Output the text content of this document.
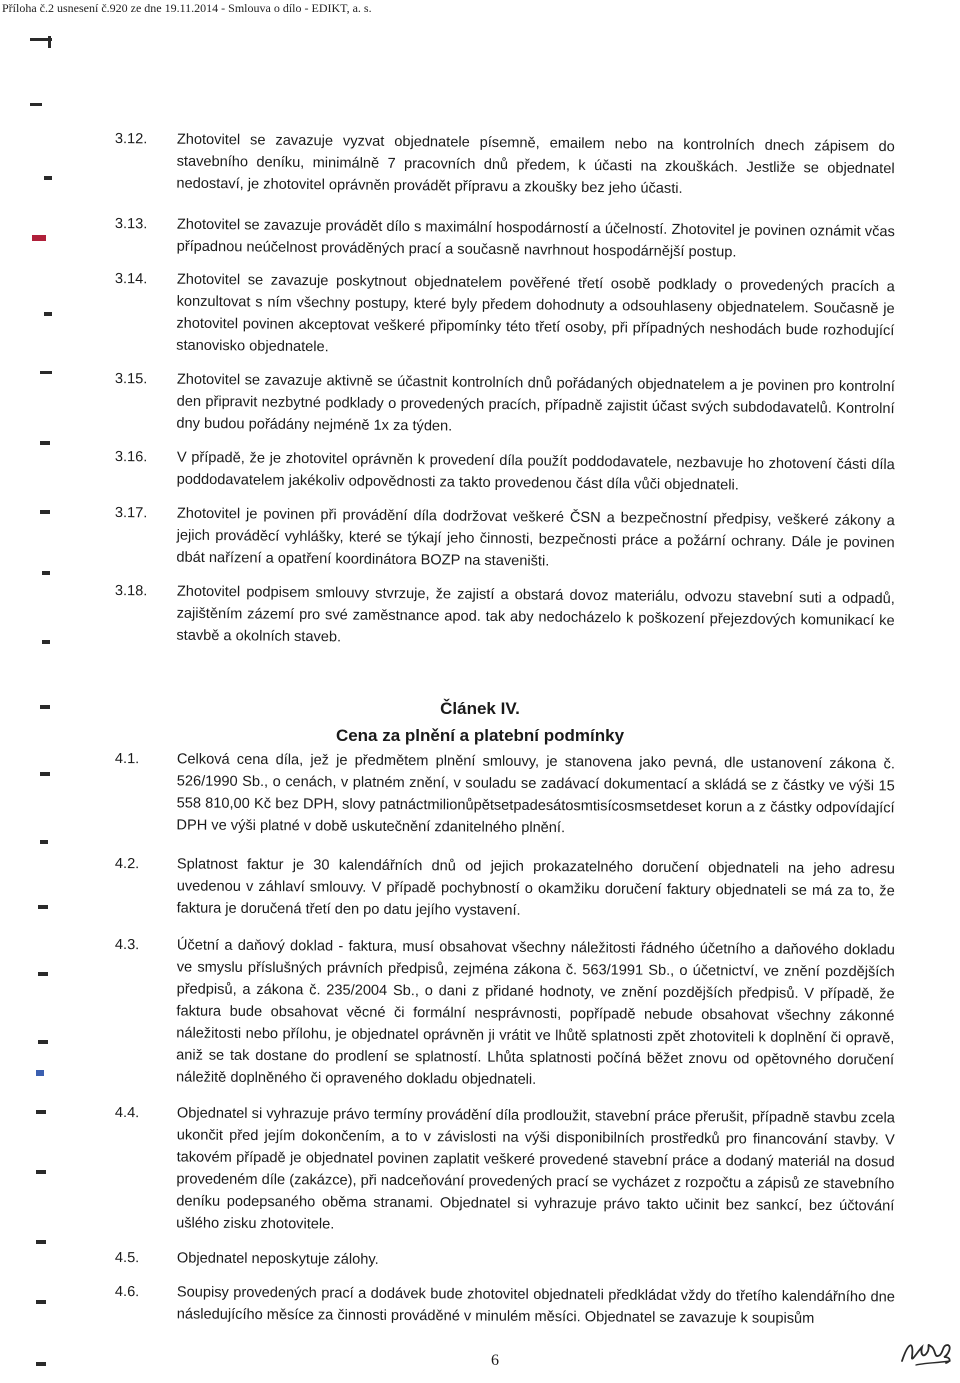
Příloha č.2 usnesení č.920 ze dne 19.11.2014 - Smlouva o dílo - EDIKT, a. s.
3.12.	Zhotovitel se zavazuje vyzvat objednatele písemně, emailem nebo na kontrolních dnech zápisem do stavebního deníku, minimálně 7 pracovních dnů předem, k účasti na zkouškách. Jestliže se objednatel nedostaví, je zhotovitel oprávněn provádět přípravu a zkoušky bez jeho účasti.
3.13.	Zhotovitel se zavazuje provádět dílo s maximální hospodárností a účelností. Zhotovitel je povinen oznámit včas případnou neúčelnost prováděných prací a současně navrhnout hospodárnější postup.
3.14.	Zhotovitel se zavazuje poskytnout objednatelem pověřené třetí osobě podklady o provedených pracích a konzultovat s ním všechny postupy, které byly předem dohodnuty a odsouhlaseny objednatelem. Současně je zhotovitel povinen akceptovat veškeré připomínky této třetí osoby, při případných neshodách bude rozhodující stanovisko objednatele.
3.15.	Zhotovitel se zavazuje aktivně se účastnit kontrolních dnů pořádaných objednatelem a je povinen pro kontrolní den připravit nezbytné podklady o provedených pracích, případně zajistit účast svých subdodavatelů. Kontrolní dny budou pořádány nejméně 1x za týden.
3.16.	V případě, že je zhotovitel oprávněn k provedení díla použít poddodavatele, nezbavuje ho zhotovení části díla poddodavatelem jakékoliv odpovědnosti za takto provedenou část díla vůči objednateli.
3.17.	Zhotovitel je povinen při provádění díla dodržovat veškeré ČSN a bezpečnostní předpisy, veškeré zákony a jejich prováděcí vyhlášky, které se týkají jeho činnosti, bezpečnosti práce a požární ochrany. Dále je povinen dbát nařízení a opatření koordinátora BOZP na staveništi.
3.18.	Zhotovitel podpisem smlouvy stvrzuje, že zajistí a obstará dovoz materiálu, odvozu stavební suti a odpadů, zajištěním zázemí pro své zaměstnance apod. tak aby nedocházelo k poškození přejezdových komunikací ke stavbě a okolních staveb.
Článek IV.
Cena za plnění a platební podmínky
4.1.	Celková cena díla, jež je předmětem plnění smlouvy, je stanovena jako pevná, dle ustanovení zákona č. 526/1990 Sb., o cenách, v platném znění, v souladu se zadávací dokumentací a skládá se z částky ve výši 15 558 810,00 Kč bez DPH, slovy patnáctmilionůpětsetpadesátosmtisícosmsetdeset korun a z částky odpovídající DPH ve výši platné v době uskutečnění zdanitelného plnění.
4.2.	Splatnost faktur je 30 kalendářních dnů od jejich prokazatelného doručení objednateli na jeho adresu uvedenou v záhlaví smlouvy. V případě pochybností o okamžiku doručení faktury objednateli se má za to, že faktura je doručená třetí den po datu jejího vystavení.
4.3.	Účetní a daňový doklad - faktura, musí obsahovat všechny náležitosti řádného účetního a daňového dokladu ve smyslu příslušných právních předpisů, zejména zákona č. 563/1991 Sb., o účetnictví, ve znění pozdějších předpisů, a zákona č. 235/2004 Sb., o dani z přidané hodnoty, ve znění pozdějších předpisů. V případě, že faktura bude obsahovat věcné či formální nesprávnosti, popřípadě nebude obsahovat všechny zákonné náležitosti nebo přílohu, je objednatel oprávněn ji vrátit ve lhůtě splatnosti zpět zhotoviteli k doplnění či opravě, aniž se tak dostane do prodlení se splatností. Lhůta splatnosti počíná běžet znovu od opětovného doručení náležitě doplněného či opraveného dokladu objednateli.
4.4.	Objednatel si vyhrazuje právo termíny provádění díla prodloužit, stavební práce přerušit, případně stavbu zcela ukončit před jejím dokončením, a to v závislosti na výši disponibilních prostředků pro financování stavby. V takovém případě je objednatel povinen zaplatit veškeré provedené stavební práce a dodaný materiál na dosud provedeném díle (zakázce), při nadceňování provedených prací se vycházet z rozpočtu a zápisů ze stavebního deníku podepsaného oběma stranami. Objednatel si vyhrazuje právo takto učinit bez sankcí, bez účtování ušlého zisku zhotovitele.
4.5.	Objednatel neposkytuje zálohy.
4.6.	Soupisy provedených prací a dodávek bude zhotovitel objednateli předkládat vždy do třetího kalendářního dne následujícího měsíce za činnosti prováděné v minulém měsíci. Objednatel se zavazuje k soupisům
6
